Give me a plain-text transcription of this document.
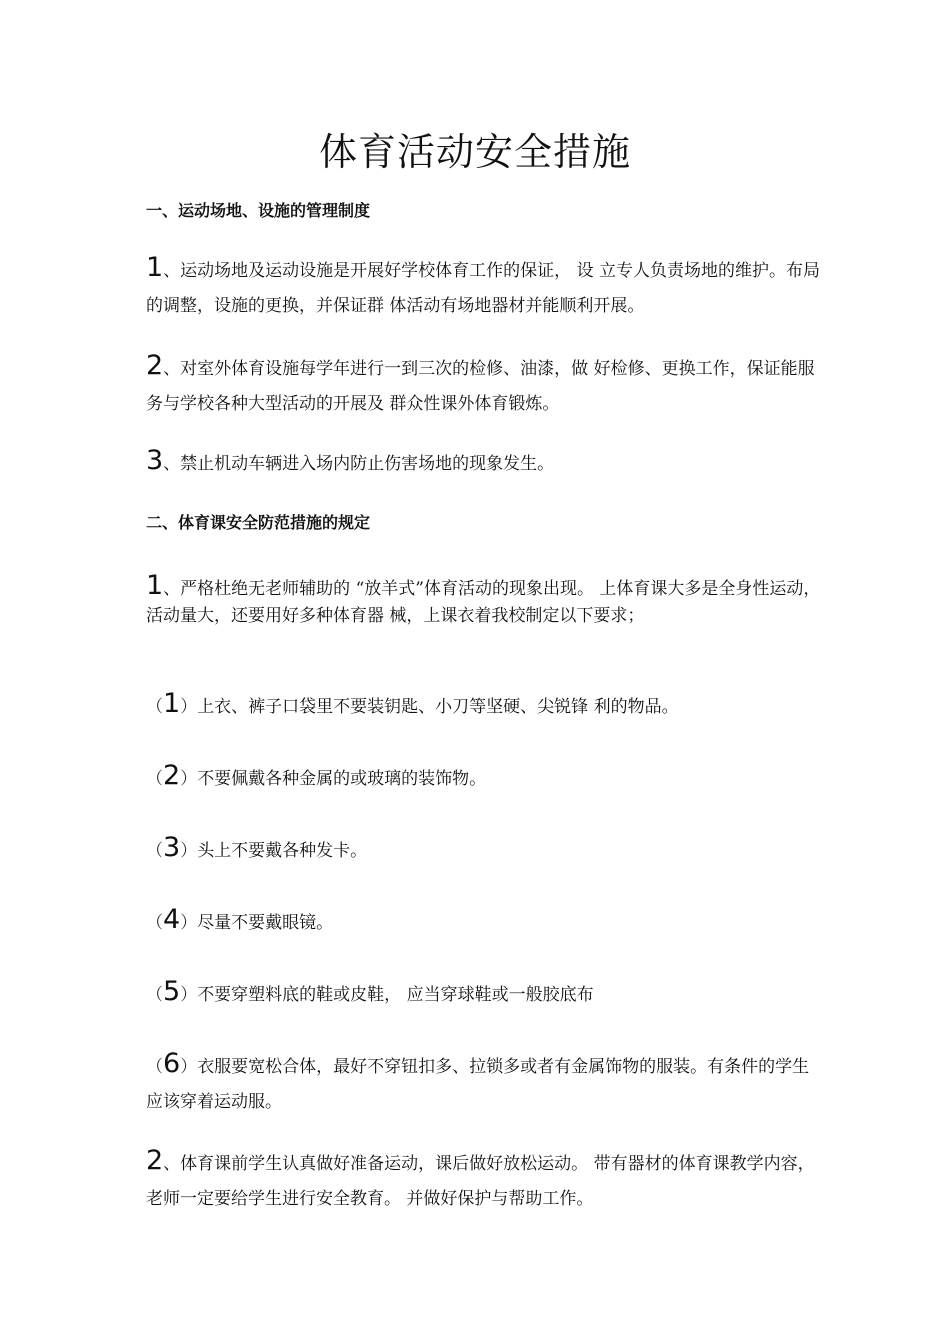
体育活动安全措施
一、运动场地、设施的管理制度

1、运动场地及运动设施是开展好学校体育工作的保证， 设 立专人负责场地的维护。布局的调整，设施的更换，并保证群 体活动有场地器材并能顺利开展。

2、对室外体育设施每学年进行一到三次的检修、油漆，做 好检修、更换工作，保证能服务与学校各种大型活动的开展及 群众性课外体育锻炼。

3、禁止机动车辆进入场内防止伤害场地的现象发生。

二、体育课安全防范措施的规定

1、严格杜绝无老师辅助的 “放羊式”体育活动的现象出现。 上体育课大多是全身性运动，活动量大，还要用好多种体育器 械，上课衣着我校制定以下要求；

（1）上衣、裤子口袋里不要装钥匙、小刀等坚硬、尖锐锋 利的物品。

（2）不要佩戴各种金属的或玻璃的装饰物。

（3）头上不要戴各种发卡。

（4）尽量不要戴眼镜。

（5）不要穿塑料底的鞋或皮鞋， 应当穿球鞋或一般胶底布

（6）衣服要宽松合体，最好不穿钮扣多、拉锁多或者有金属饰物的服装。有条件的学生应该穿着运动服。

2、体育课前学生认真做好准备运动，课后做好放松运动。 带有器材的体育课教学内容， 老师一定要给学生进行安全教育。 并做好保护与帮助工作。
